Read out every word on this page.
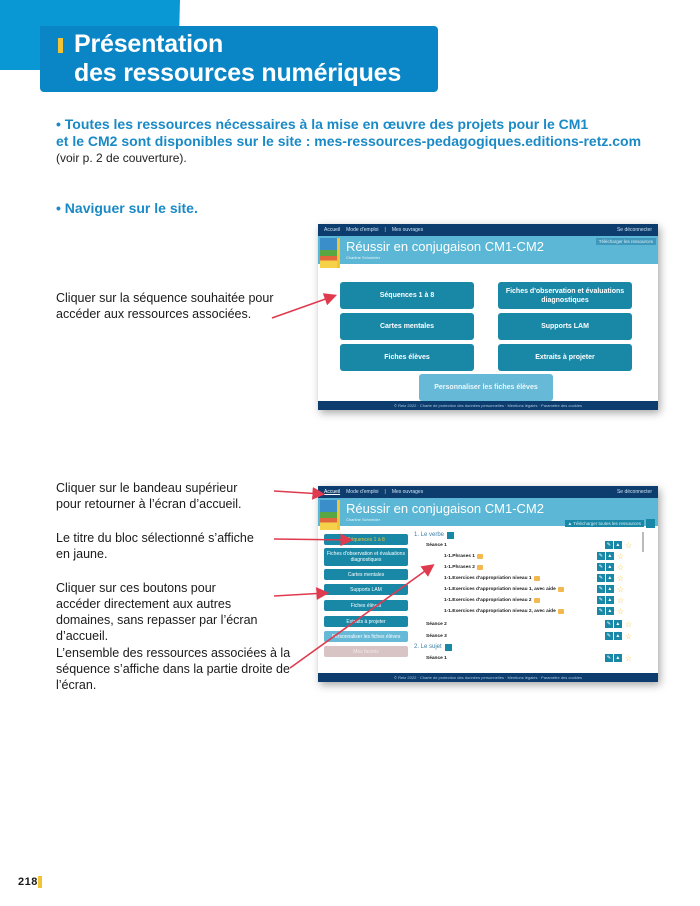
Présentation
des ressources numériques
• Toutes les ressources nécessaires à la mise en œuvre des projets pour le CM1
et le CM2 sont disponibles sur le site : mes-ressources-pedagogiques.editions-retz.com
(voir p. 2 de couverture).
• Naviguer sur le site.
Cliquer sur la séquence souhaitée pour accéder aux ressources associées.
Cliquer sur le bandeau supérieur pour retourner à l’écran d’accueil.
Le titre du bloc sélectionné s’affiche en jaune.
Cliquer sur ces boutons pour accéder directement aux autres domaines, sans repasser par l’écran d’accueil.
L’ensemble des ressources associées à la séquence s’affiche dans la partie droite de l’écran.
Accueil Mode d'emploi | Mes ouvrages	Se déconnecter
Réussir en conjugaison CM1-CM2
Charline Schneider
Télécharger les ressources
Séquences 1 à 8
Fiches d'observation et évaluations diagnostiques
Cartes mentales	Supports LAM
Fiches élèves	Extraits à projeter
Personnaliser les fiches élèves
© Retz 2022 · Charte de protection des données personnelles · Mentions légales · Paramètre des cookies
Accueil Mode d'emploi | Mes ouvrages	Se déconnecter
Réussir en conjugaison CM1-CM2
Charline Schneider
▲ Télécharger toutes les ressources
Séquences 1 à 8
Fiches d'observation et évaluations diagnostiques
Cartes mentales
Supports LAM
Fiches élèves
Extraits à projeter
Personnaliser les fiches élèves
Mes favoris
1. Le verbe
Séance 1	✎ ▲ ☆
1-1.Phrases 1	✎ ▲ ☆
1-1.Phrases 2	✎ ▲ ☆
1-1.Exercices d'appropriation niveau 1	✎ ▲ ☆
1-1.Exercices d'appropriation niveau 1, avec aide	✎ ▲ ☆
1-1.Exercices d'appropriation niveau 2	✎ ▲ ☆
1-1.Exercices d'appropriation niveau 2, avec aide	✎ ▲ ☆
Séance 2	✎ ▲ ☆
Séance 3	✎ ▲ ☆
2. Le sujet
Séance 1	✎ ▲ ☆
© Retz 2022 · Charte de protection des données personnelles · Mentions légales · Paramètre des cookies
218
